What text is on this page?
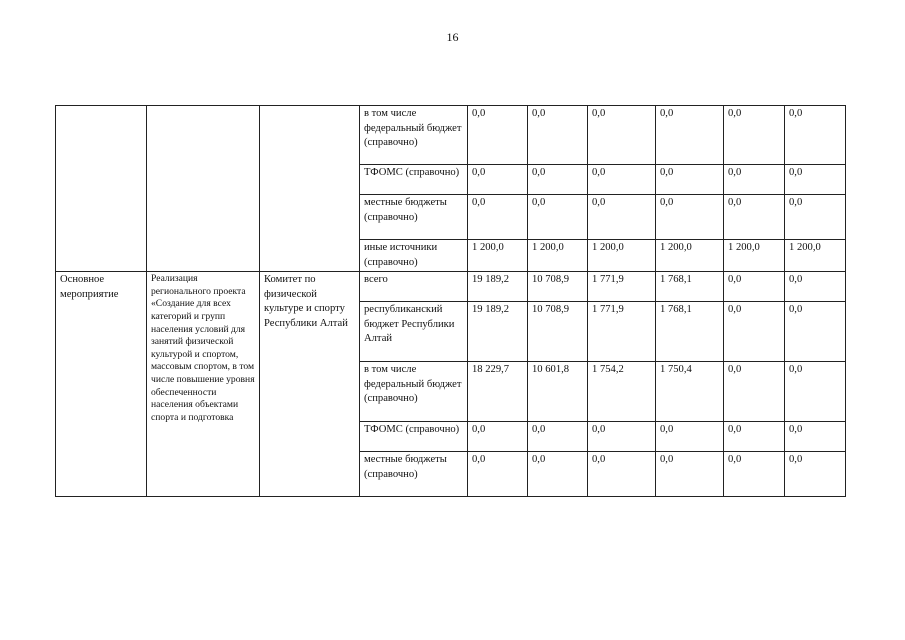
16
			в том числе федеральный бюджет (справочно)	0,0	0,0	0,0	0,0	0,0	0,0
			ТФОМС (справочно)	0,0	0,0	0,0	0,0	0,0	0,0
			местные бюджеты (справочно)	0,0	0,0	0,0	0,0	0,0	0,0
			иные источники (справочно)	1 200,0	1 200,0	1 200,0	1 200,0	1 200,0	1 200,0
Основное мероприятие	Реализация регионального проекта «Создание для всех категорий и групп населения условий для занятий физической культурой и спортом, массовым спортом, в том числе повышение уровня обеспеченности населения объектами спорта и подготовка	Комитет по физической культуре и спорту Республики Алтай	всего	19 189,2	10 708,9	1 771,9	1 768,1	0,0	0,0
			республиканский бюджет Республики Алтай	19 189,2	10 708,9	1 771,9	1 768,1	0,0	0,0
			в том числе федеральный бюджет (справочно)	18 229,7	10 601,8	1 754,2	1 750,4	0,0	0,0
			ТФОМС (справочно)	0,0	0,0	0,0	0,0	0,0	0,0
			местные бюджеты (справочно)	0,0	0,0	0,0	0,0	0,0	0,0
